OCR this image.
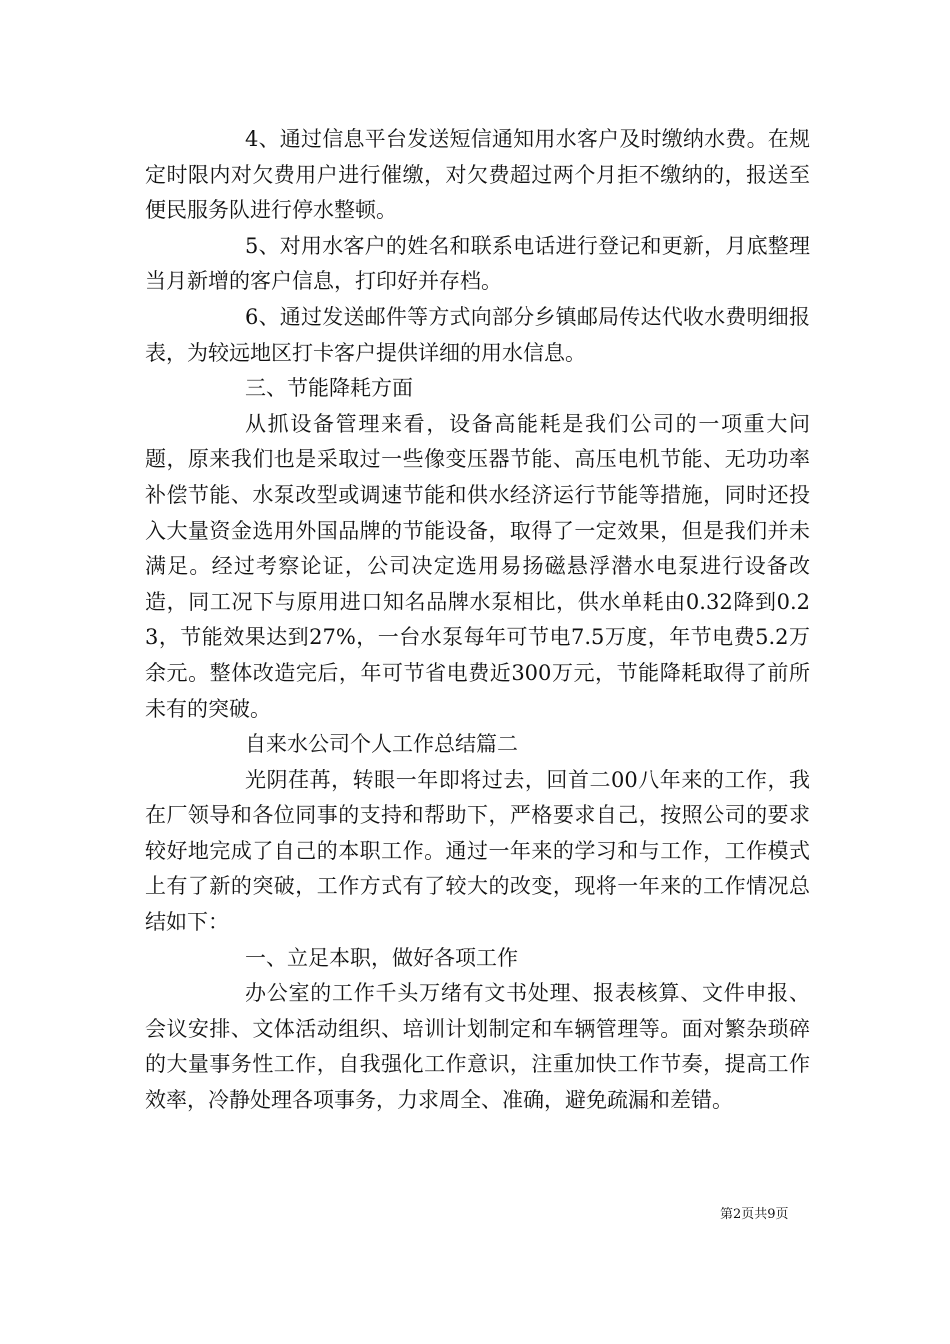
4、通过信息平台发送短信通知用水客户及时缴纳水费。在规定时限内对欠费用户进行催缴，对欠费超过两个月拒不缴纳的，报送至便民服务队进行停水整顿。

5、对用水客户的姓名和联系电话进行登记和更新，月底整理当月新增的客户信息，打印好并存档。

6、通过发送邮件等方式向部分乡镇邮局传达代收水费明细报表，为较远地区打卡客户提供详细的用水信息。

三、节能降耗方面

从抓设备管理来看，设备高能耗是我们公司的一项重大问题，原来我们也是采取过一些像变压器节能、高压电机节能、无功功率补偿节能、水泵改型或调速节能和供水经济运行节能等措施，同时还投入大量资金选用外国品牌的节能设备，取得了一定效果，但是我们并未满足。经过考察论证，公司决定选用易扬磁悬浮潜水电泵进行设备改造，同工况下与原用进口知名品牌水泵相比，供水单耗由0.32降到0.23，节能效果达到27%，一台水泵每年可节电7.5万度，年节电费5.2万余元。整体改造完后，年可节省电费近300万元，节能降耗取得了前所未有的突破。

自来水公司个人工作总结篇二

光阴荏苒，转眼一年即将过去，回首二00八年来的工作，我在厂领导和各位同事的支持和帮助下，严格要求自己，按照公司的要求较好地完成了自己的本职工作。通过一年来的学习和与工作，工作模式上有了新的突破，工作方式有了较大的改变，现将一年来的工作情况总结如下：

一、立足本职，做好各项工作

办公室的工作千头万绪有文书处理、报表核算、文件申报、会议安排、文体活动组织、培训计划制定和车辆管理等。面对繁杂琐碎的大量事务性工作，自我强化工作意识，注重加快工作节奏，提高工作效率，冷静处理各项事务，力求周全、准确，避免疏漏和差错。

第2页共9页
